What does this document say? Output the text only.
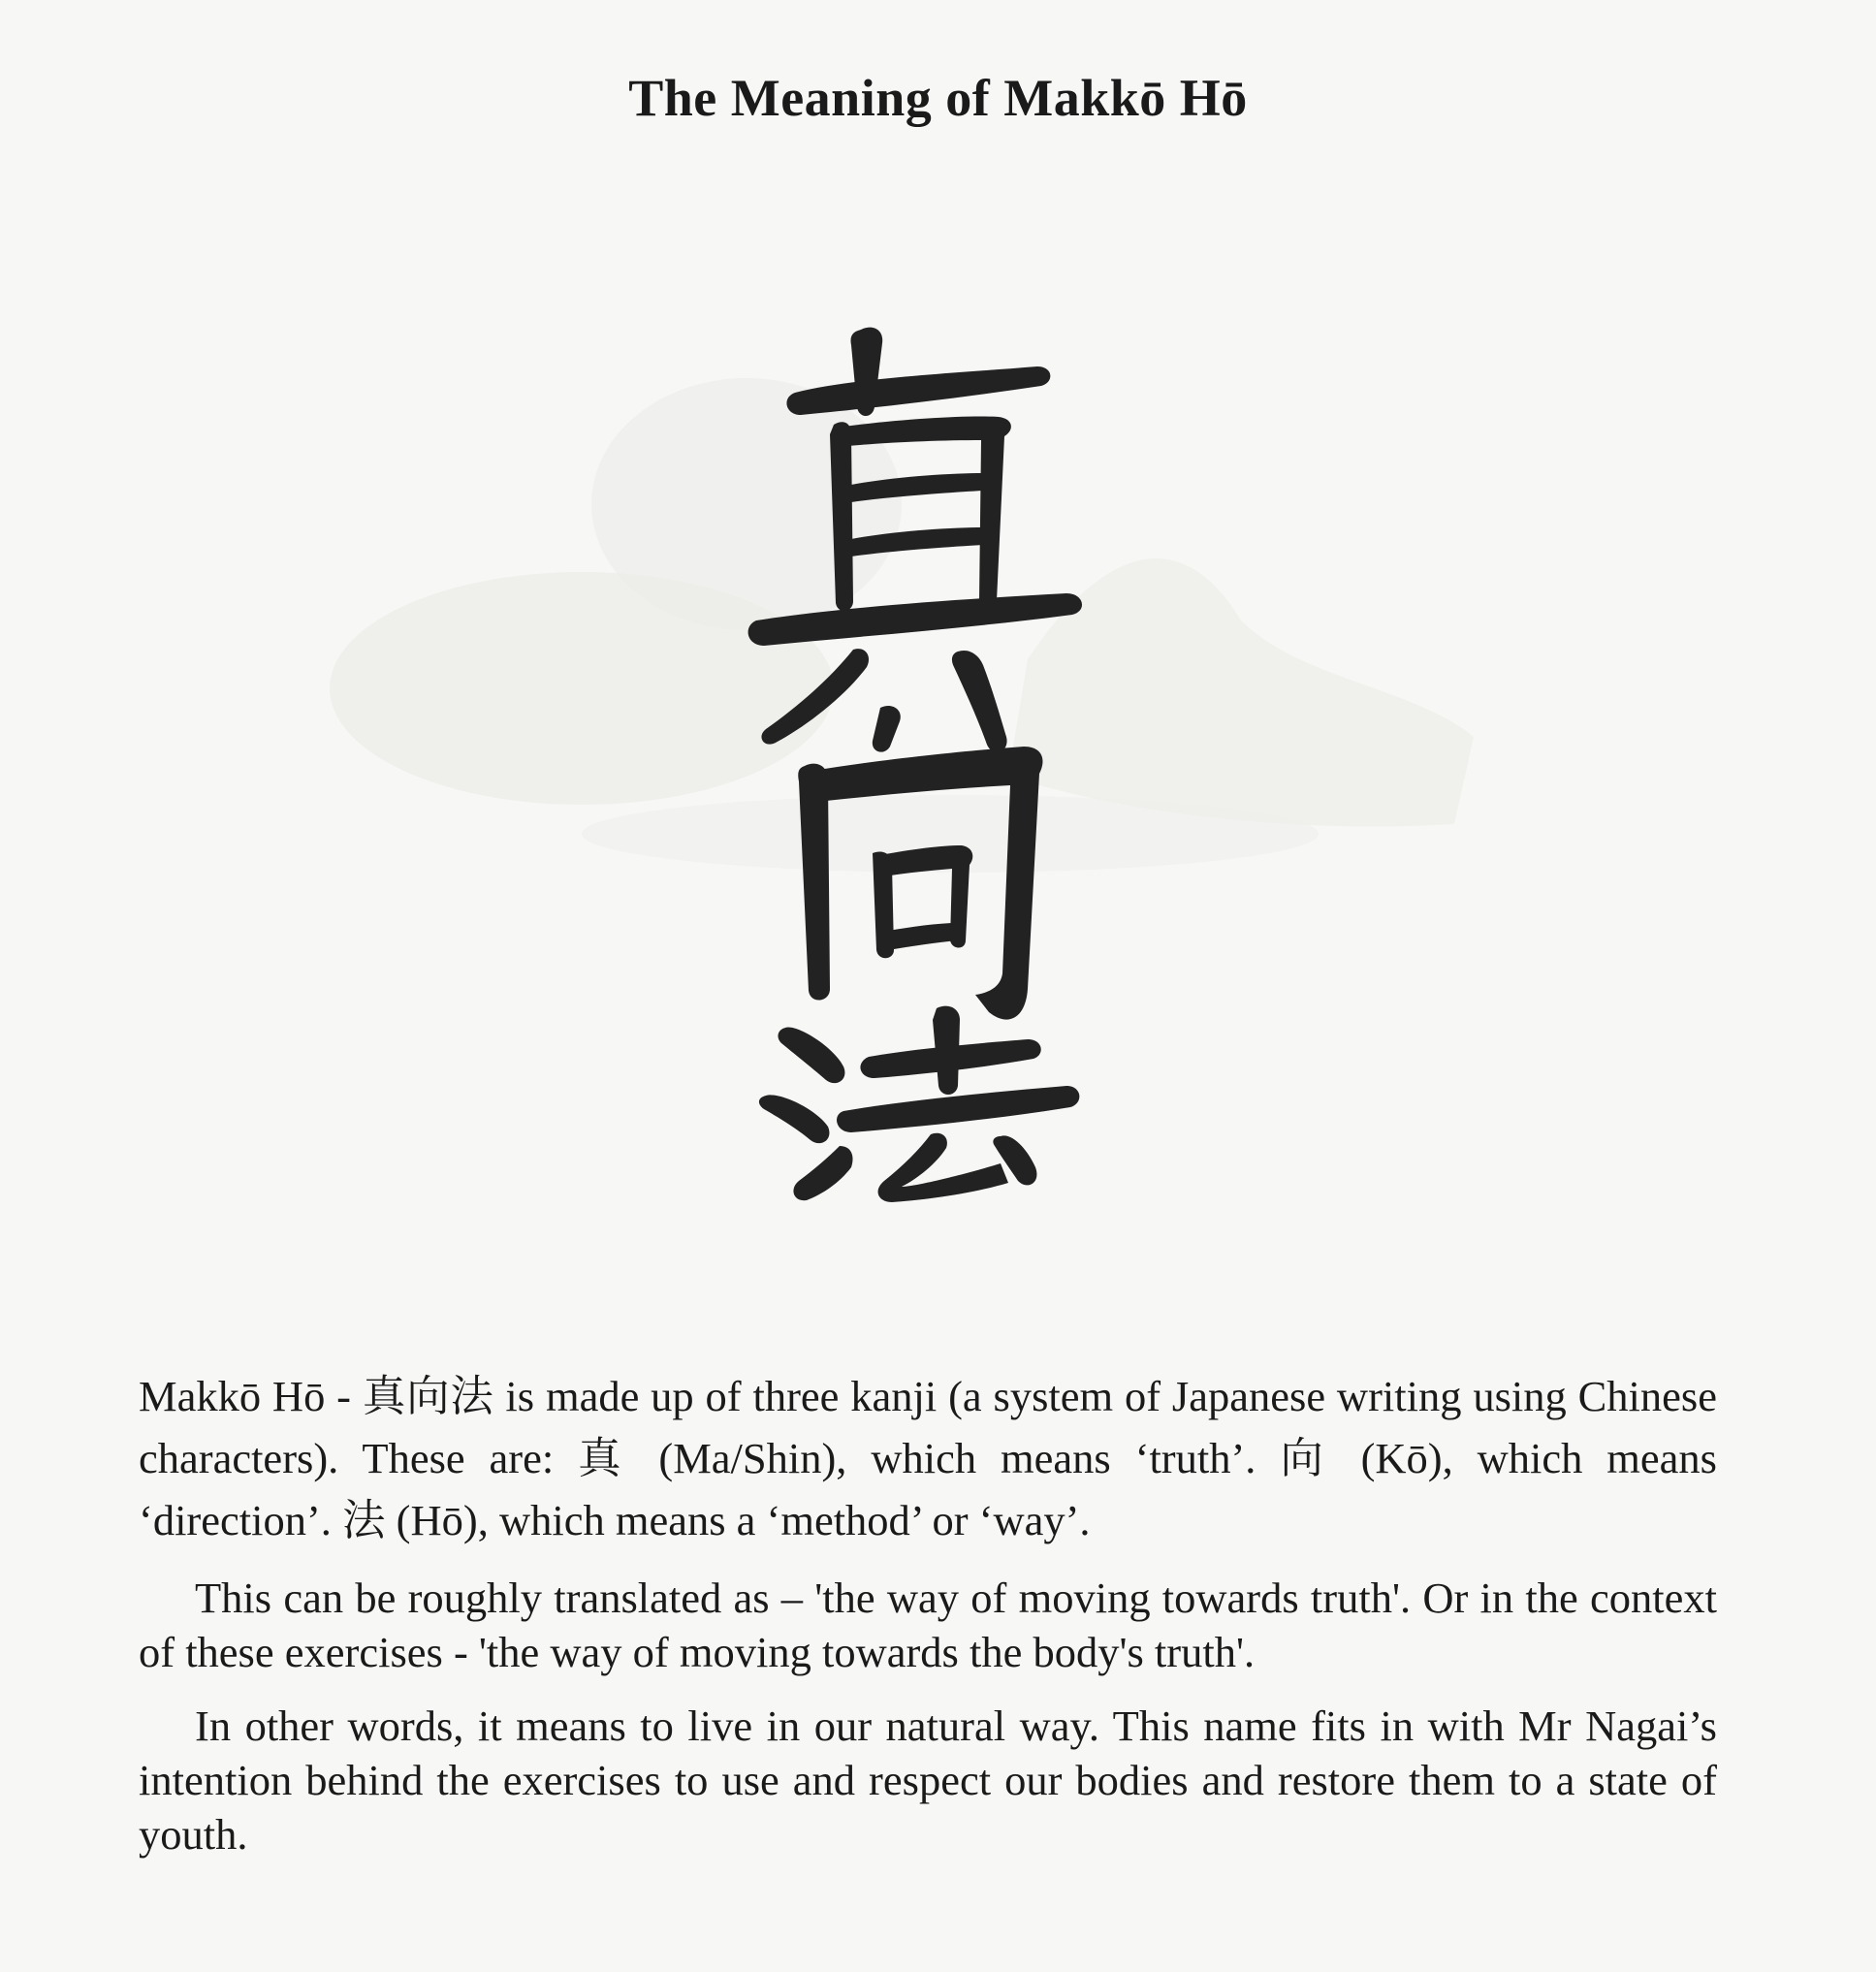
The Meaning of Makkō Hō

Makkō Hō - 真向法 is made up of three kanji (a system of Japanese writing using Chinese characters). These are: 真 (Ma/Shin), which means ‘truth’. 向 (Kō), which means ‘direction’. 法 (Hō), which means a ‘method’ or ‘way’.

This can be roughly translated as – 'the way of moving towards truth'. Or in the context of these exercises - 'the way of moving towards the body's truth'.

In other words, it means to live in our natural way. This name fits in with Mr Nagai’s intention behind the exercises to use and respect our bodies and restore them to a state of youth.
